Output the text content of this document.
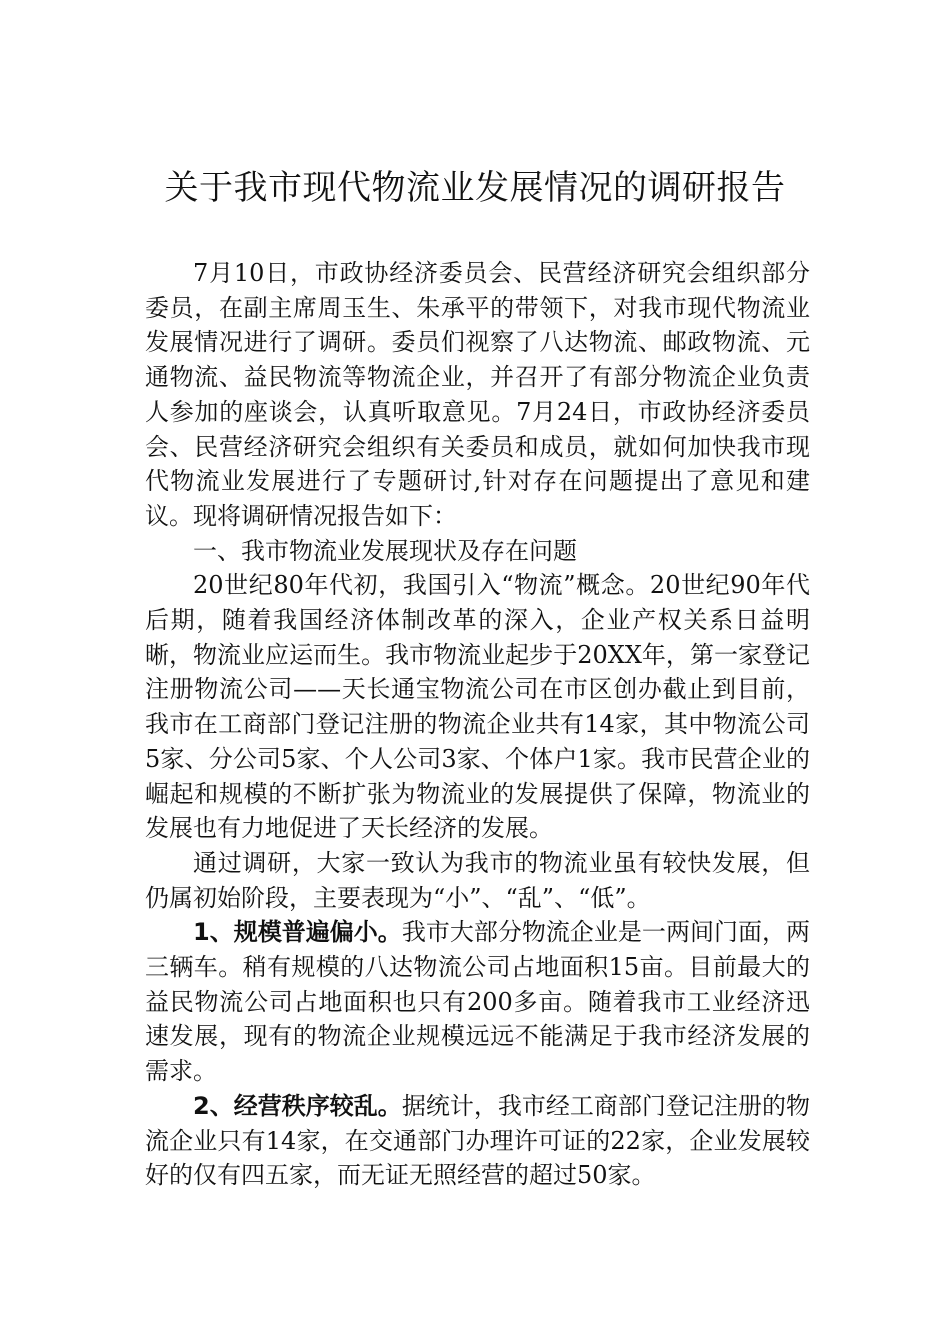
关于我市现代物流业发展情况的调研报告

7月10日，市政协经济委员会、民营经济研究会组织部分委员，在副主席周玉生、朱承平的带领下，对我市现代物流业发展情况进行了调研。委员们视察了八达物流、邮政物流、元通物流、益民物流等物流企业，并召开了有部分物流企业负责人参加的座谈会，认真听取意见。7月24日，市政协经济委员会、民营经济研究会组织有关委员和成员，就如何加快我市现代物流业发展进行了专题研讨,针对存在问题提出了意见和建议。现将调研情况报告如下：

一、我市物流业发展现状及存在问题

20世纪80年代初，我国引入“物流”概念。20世纪90年代后期，随着我国经济体制改革的深入，企业产权关系日益明晰，物流业应运而生。我市物流业起步于20XX年，第一家登记注册物流公司——天长通宝物流公司在市区创办截止到目前，我市在工商部门登记注册的物流企业共有14家，其中物流公司5家、分公司5家、个人公司3家、个体户1家。我市民营企业的崛起和规模的不断扩张为物流业的发展提供了保障，物流业的发展也有力地促进了天长经济的发展。

通过调研，大家一致认为我市的物流业虽有较快发展，但仍属初始阶段，主要表现为“小”、“乱”、“低”。

1、规模普遍偏小。我市大部分物流企业是一两间门面，两三辆车。稍有规模的八达物流公司占地面积15亩。目前最大的益民物流公司占地面积也只有200多亩。随着我市工业经济迅速发展，现有的物流企业规模远远不能满足于我市经济发展的需求。

2、经营秩序较乱。据统计，我市经工商部门登记注册的物流企业只有14家，在交通部门办理许可证的22家，企业发展较好的仅有四五家，而无证无照经营的超过50家。
